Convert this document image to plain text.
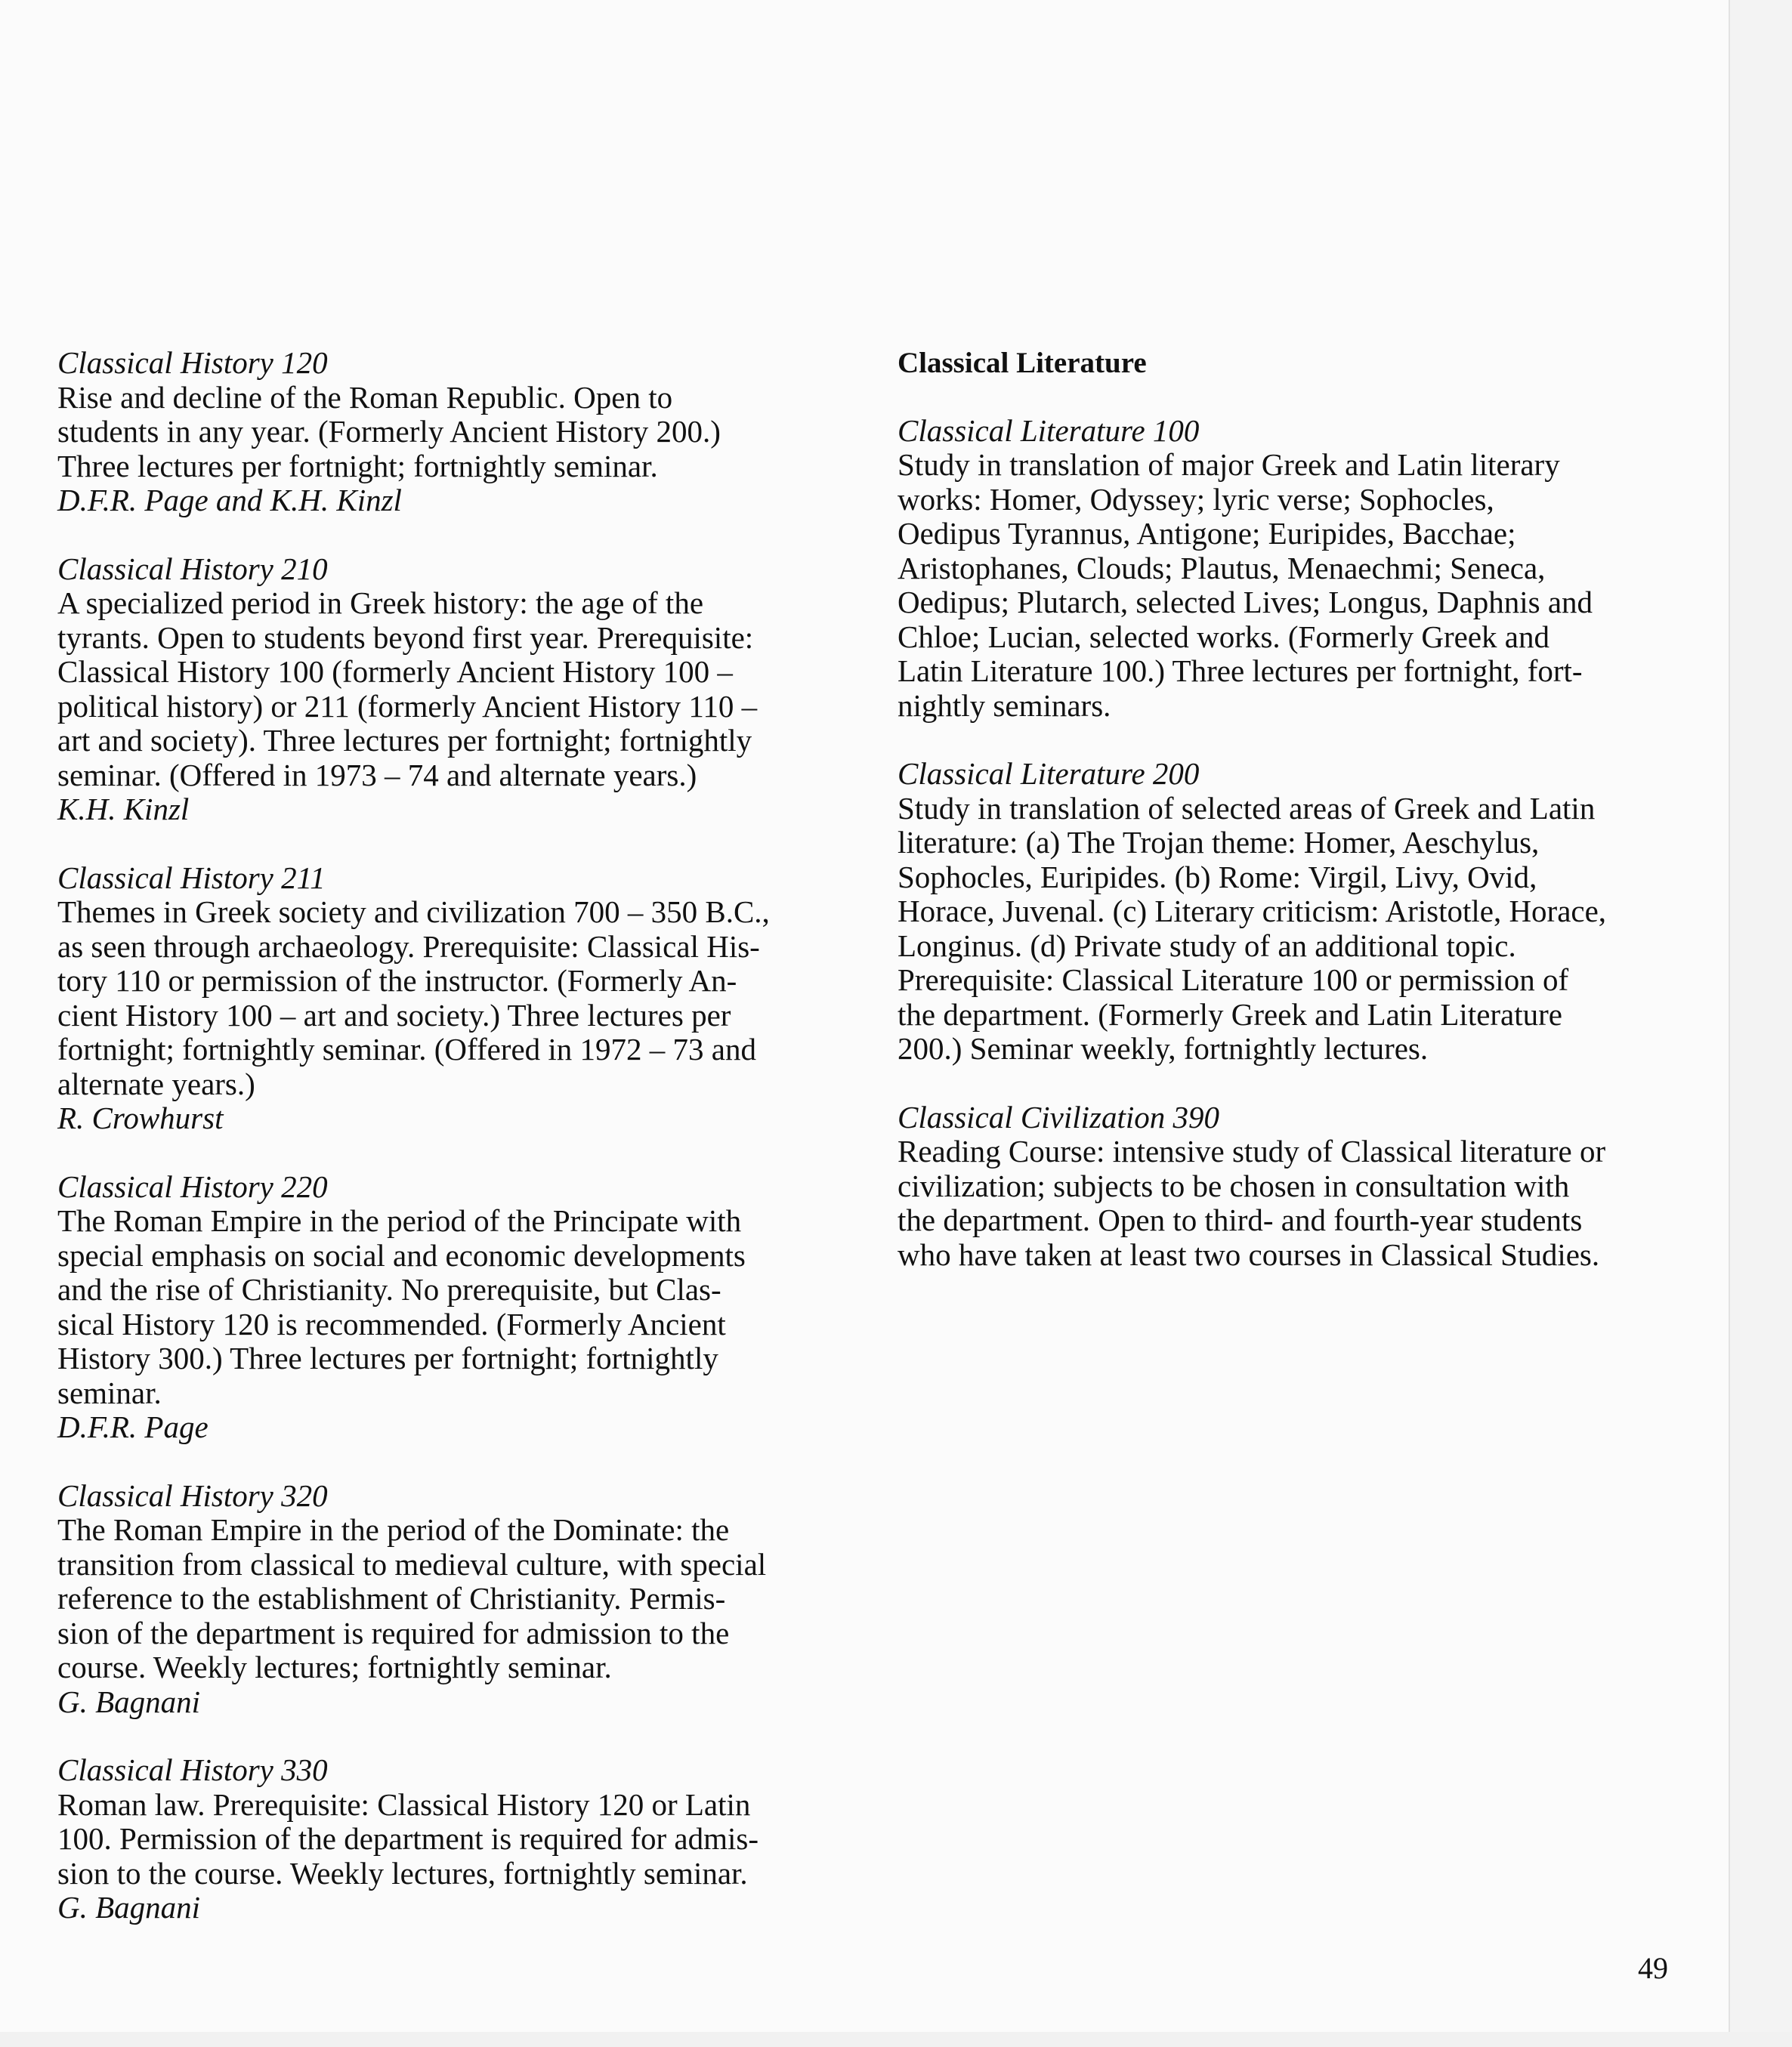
Classical History 120

Rise and decline of the Roman Republic. Open to

students in any year. (Formerly Ancient History 200.)

Three lectures per fortnight; fortnightly seminar.

D.F.R. Page and K.H. Kinzl
Classical History 210

A specialized period in Greek history: the age of the

tyrants. Open to students beyond first year. Prerequisite:

Classical History 100 (formerly Ancient History 100 –

political history) or 211 (formerly Ancient History 110 –

art and society). Three lectures per fortnight; fortnightly

seminar. (Offered in 1973 – 74 and alternate years.)

K.H. Kinzl
Classical History 211

Themes in Greek society and civilization 700 – 350 B.C.,

as seen through archaeology. Prerequisite: Classical His-

tory 110 or permission of the instructor. (Formerly An-

cient History 100 – art and society.) Three lectures per

fortnight; fortnightly seminar. (Offered in 1972 – 73 and

alternate years.)

R. Crowhurst
Classical History 220

The Roman Empire in the period of the Principate with

special emphasis on social and economic developments

and the rise of Christianity. No prerequisite, but Clas-

sical History 120 is recommended. (Formerly Ancient

History 300.) Three lectures per fortnight; fortnightly

seminar.

D.F.R. Page
Classical History 320

The Roman Empire in the period of the Dominate: the

transition from classical to medieval culture, with special

reference to the establishment of Christianity. Permis-

sion of the department is required for admission to the

course. Weekly lectures; fortnightly seminar.

G. Bagnani
Classical History 330

Roman law. Prerequisite: Classical History 120 or Latin

100. Permission of the department is required for admis-

sion to the course. Weekly lectures, fortnightly seminar.

G. Bagnani
Classical Literature
Classical Literature 100

Study in translation of major Greek and Latin literary

works: Homer, Odyssey; lyric verse; Sophocles,

Oedipus Tyrannus, Antigone; Euripides, Bacchae;

Aristophanes, Clouds; Plautus, Menaechmi; Seneca,

Oedipus; Plutarch, selected Lives; Longus, Daphnis and

Chloe; Lucian, selected works. (Formerly Greek and

Latin Literature 100.) Three lectures per fortnight, fort-

nightly seminars.

Classical Literature 200

Study in translation of selected areas of Greek and Latin

literature: (a) The Trojan theme: Homer, Aeschylus,

Sophocles, Euripides. (b) Rome: Virgil, Livy, Ovid,

Horace, Juvenal. (c) Literary criticism: Aristotle, Horace,

Longinus. (d) Private study of an additional topic.

Prerequisite: Classical Literature 100 or permission of

the department. (Formerly Greek and Latin Literature

200.) Seminar weekly, fortnightly lectures.

Classical Civilization 390

Reading Course: intensive study of Classical literature or

civilization; subjects to be chosen in consultation with

the department. Open to third- and fourth-year students

who have taken at least two courses in Classical Studies.

49
